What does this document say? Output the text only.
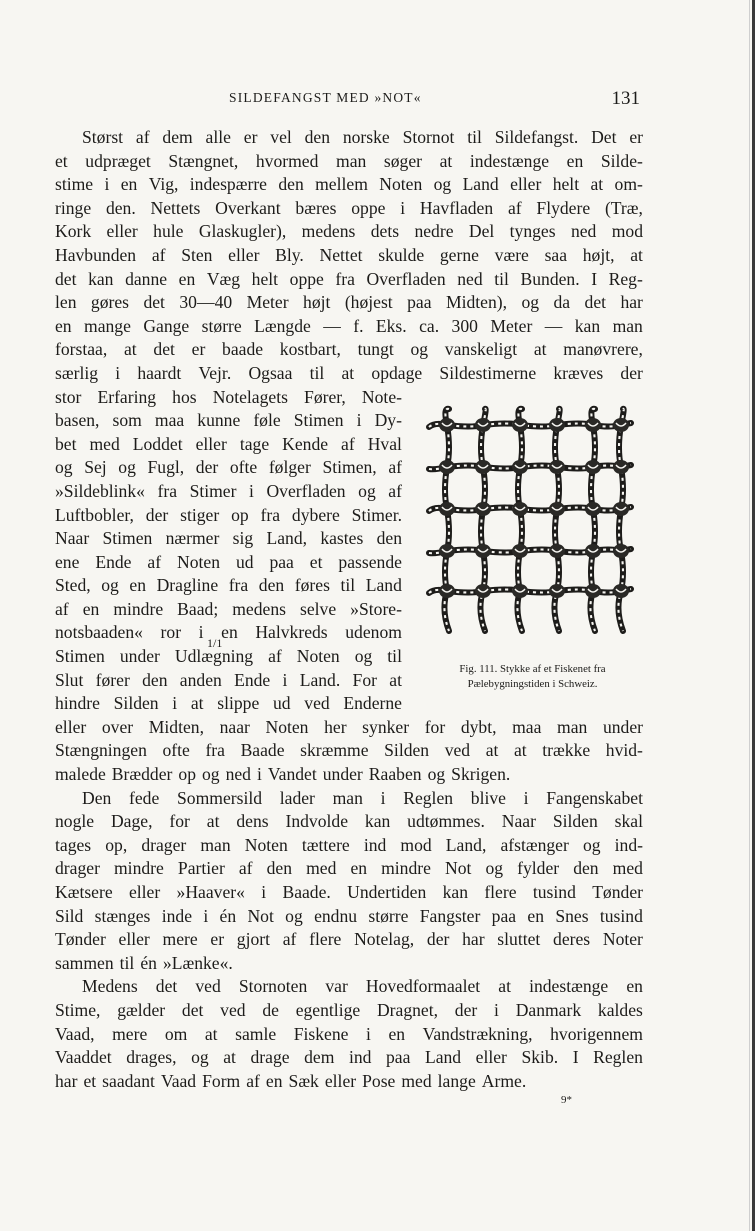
SILDEFANGST MED »NOT«	131
Størst af dem alle er vel den norske Stornot til Sildefangst. Det er
et udpræget Stængnet, hvormed man søger at indestænge en Silde-
stime i en Vig, indespærre den mellem Noten og Land eller helt at om-
ringe den. Nettets Overkant bæres oppe i Havfladen af Flydere (Træ,
Kork eller hule Glaskugler), medens dets nedre Del tynges ned mod
Havbunden af Sten eller Bly. Nettet skulde gerne være saa højt, at
det kan danne en Væg helt oppe fra Overfladen ned til Bunden. I Reg-
len gøres det 30—40 Meter højt (højest paa Midten), og da det har
en mange Gange større Længde — f. Eks. ca. 300 Meter — kan man
forstaa, at det er baade kostbart, tungt og vanskeligt at manøvrere,
særlig i haardt Vejr. Ogsaa til at opdage Sildestimerne kræves der
stor Erfaring hos Notelagets Fører, Note-
basen, som maa kunne føle Stimen i Dy-
bet med Loddet eller tage Kende af Hval
og Sej og Fugl, der ofte følger Stimen, af
»Sildeblink« fra Stimer i Overfladen og af
Luftbobler, der stiger op fra dybere Stimer.
Naar Stimen nærmer sig Land, kastes den
ene Ende af Noten ud paa et passende
Sted, og en Dragline fra den føres til Land
af en mindre Baad; medens selve »Store-
notsbaaden« ror i en Halvkreds udenom
Stimen under Udlægning af Noten og til
Slut fører den anden Ende i Land. For at
hindre Silden i at slippe ud ved Enderne
eller over Midten, naar Noten her synker for dybt, maa man under
Stængningen ofte fra Baade skræmme Silden ved at at trække hvid-
malede Brædder op og ned i Vandet under Raaben og Skrigen.
Den fede Sommersild lader man i Reglen blive i Fangenskabet
nogle Dage, for at dens Indvolde kan udtømmes. Naar Silden skal
tages op, drager man Noten tættere ind mod Land, afstænger og ind-
drager mindre Partier af den med en mindre Not og fylder den med
Kætsere eller »Haaver« i Baade. Undertiden kan flere tusind Tønder
Sild stænges inde i én Not og endnu større Fangster paa en Snes tusind
Tønder eller mere er gjort af flere Notelag, der har sluttet deres Noter
sammen til én »Lænke«.
Medens det ved Stornoten var Hovedformaalet at indestænge en
Stime, gælder det ved de egentlige Dragnet, der i Danmark kaldes
Vaad, mere om at samle Fiskene i en Vandstrækning, hvorigennem
Vaaddet drages, og at drage dem ind paa Land eller Skib. I Reglen
har et saadant Vaad Form af en Sæk eller Pose med lange Arme.
1/1
Fig. 111. Stykke af et Fiskenet fra
Pælebygningstiden i Schweiz.
9*
